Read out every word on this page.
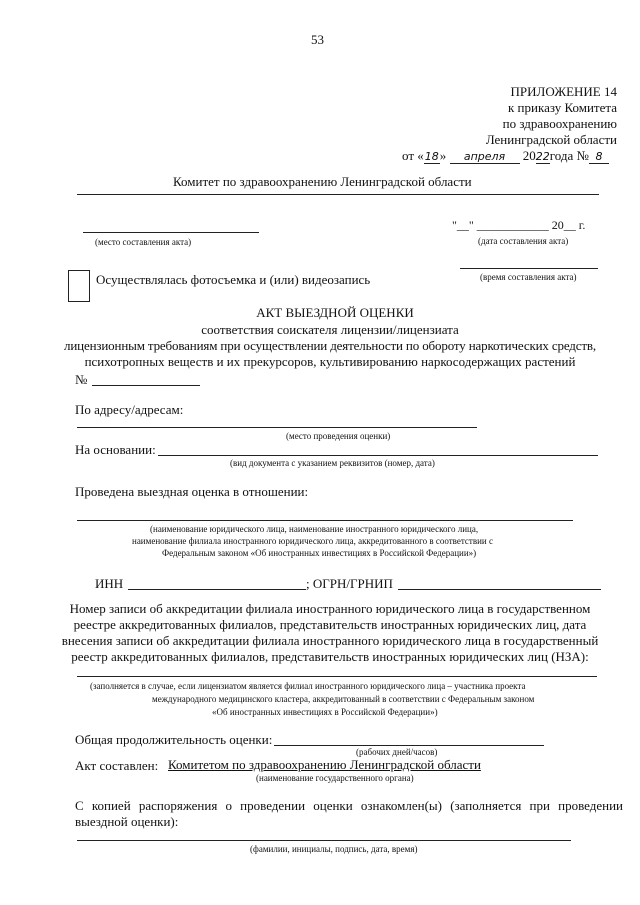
53
ПРИЛОЖЕНИЕ 14
к приказу Комитета
по здравоохранению
Ленинградской области
от «18» апреля 2022года № 8
Комитет по здравоохранению Ленинградской области
(место составления акта)
"__" ____________ 20__ г.
(дата составления акта)
(время составления акта)
Осуществлялась фотосъемка и (или) видеозапись
АКТ ВЫЕЗДНОЙ ОЦЕНКИ
соответствия соискателя лицензии/лицензиата
лицензионным требованиям при осуществлении деятельности по обороту наркотических средств,
психотропных веществ и их прекурсоров, культивированию наркосодержащих растений
№
По адресу/адресам:
(место проведения оценки)
На основании:
(вид документа с указанием реквизитов (номер, дата)
Проведена выездная оценка в отношении:
(наименование юридического лица, наименование иностранного юридического лица,
наименование филиала иностранного юридического лица, аккредитованного в соответствии с
Федеральным законом «Об иностранных инвестициях в Российской Федерации»)
ИНН	; ОГРН/ГРНИП
Номер записи об аккредитации филиала иностранного юридического лица в государственном
реестре аккредитованных филиалов, представительств иностранных юридических лиц, дата
внесения записи об аккредитации филиала иностранного юридического лица в государственный
реестр аккредитованных филиалов, представительств иностранных юридических лиц (НЗА):
(заполняется в случае, если лицензиатом является филиал иностранного юридического лица – участника проекта
международного медицинского кластера, аккредитованный в соответствии с Федеральным законом
«Об иностранных инвестициях в Российской Федерации»)
Общая продолжительность оценки:
(рабочих дней/часов)
Акт составлен: Комитетом по здравоохранению Ленинградской области
(наименование государственного органа)
С копией распоряжения о проведении оценки ознакомлен(ы) (заполняется при проведении
выездной оценки):
(фамилии, инициалы, подпись, дата, время)
